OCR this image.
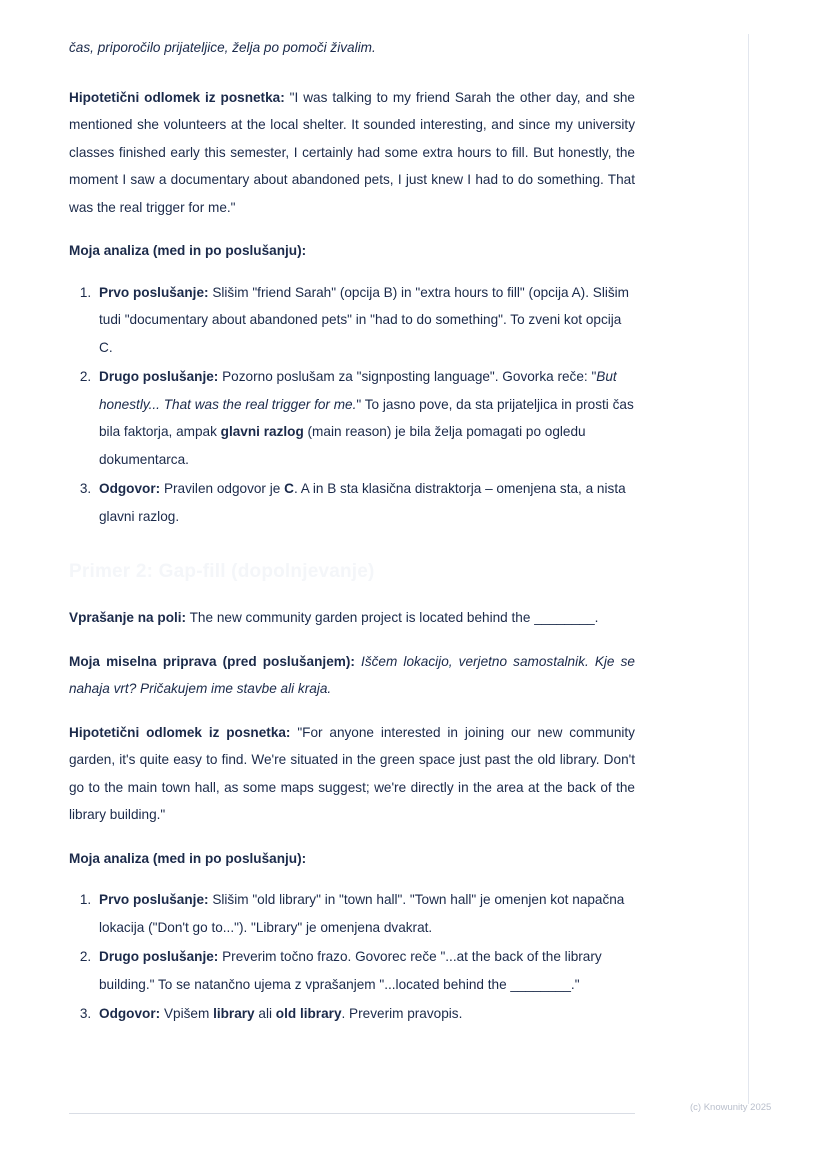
čas, priporočilo prijateljice, želja po pomoči živalim.

Hipotetični odlomek iz posnetka: "I was talking to my friend Sarah the other day, and she mentioned she volunteers at the local shelter. It sounded interesting, and since my university classes finished early this semester, I certainly had some extra hours to fill. But honestly, the moment I saw a documentary about abandoned pets, I just knew I had to do something. That was the real trigger for me."

Moja analiza (med in po poslušanju):

1. Prvo poslušanje: Slišim "friend Sarah" (opcija B) in "extra hours to fill" (opcija A). Slišim tudi "documentary about abandoned pets" in "had to do something". To zveni kot opcija C.
2. Drugo poslušanje: Pozorno poslušam za "signposting language". Govorka reče: "But honestly... That was the real trigger for me." To jasno pove, da sta prijateljica in prosti čas bila faktorja, ampak glavni razlog (main reason) je bila želja pomagati po ogledu dokumentarca.
3. Odgovor: Pravilen odgovor je C. A in B sta klasična distraktorja – omenjena sta, a nista glavni razlog.
Primer 2: Gap-fill (dopolnjevanje)

Vprašanje na poli: The new community garden project is located behind the ________.

Moja miselna priprava (pred poslušanjem): Iščem lokacijo, verjetno samostalnik. Kje se nahaja vrt? Pričakujem ime stavbe ali kraja.

Hipotetični odlomek iz posnetka: "For anyone interested in joining our new community garden, it's quite easy to find. We're situated in the green space just past the old library. Don't go to the main town hall, as some maps suggest; we're directly in the area at the back of the library building."

Moja analiza (med in po poslušanju):

1. Prvo poslušanje: Slišim "old library" in "town hall". "Town hall" je omenjen kot napačna lokacija ("Don't go to..."). "Library" je omenjena dvakrat.
2. Drugo poslušanje: Preverim točno frazo. Govorec reče "...at the back of the library building." To se natančno ujema z vprašanjem "...located behind the ________."
3. Odgovor: Vpišem library ali old library. Preverim pravopis.
(c) Knowunity 2025
